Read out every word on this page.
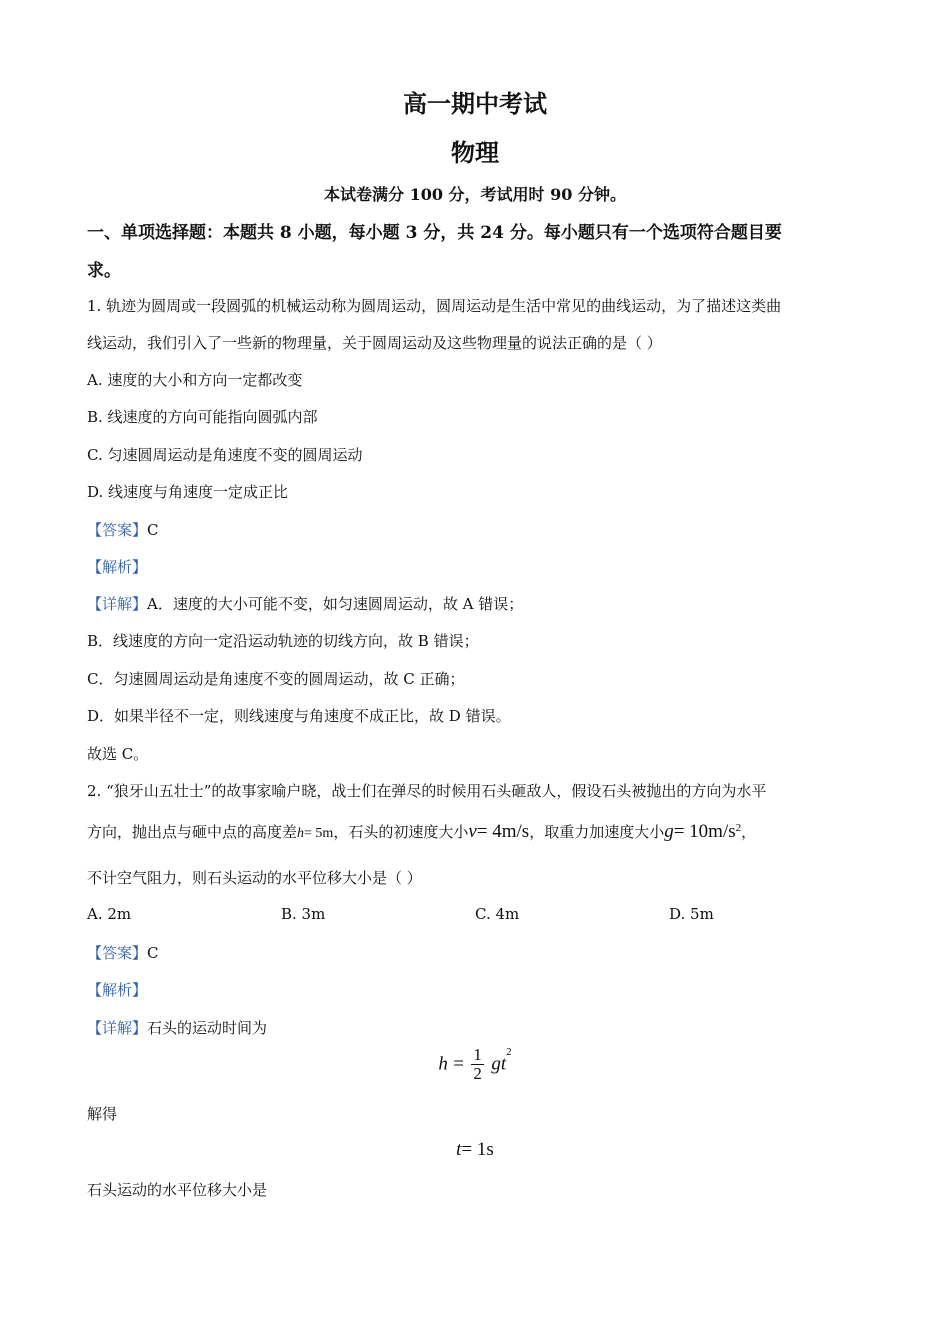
高一期中考试
物理
本试卷满分 100 分，考试用时 90 分钟。
一、单项选择题：本题共 8 小题，每小题 3 分，共 24 分。每小题只有一个选项符合题目要
求。
1. 轨迹为圆周或一段圆弧的机械运动称为圆周运动，圆周运动是生活中常见的曲线运动，为了描述这类曲
线运动，我们引入了一些新的物理量，关于圆周运动及这些物理量的说法正确的是（ ）
A. 速度的大小和方向一定都改变
B. 线速度的方向可能指向圆弧内部
C. 匀速圆周运动是角速度不变的圆周运动
D. 线速度与角速度一定成正比
【答案】C
【解析】
【详解】A．速度的大小可能不变，如匀速圆周运动，故 A 错误；
B．线速度的方向一定沿运动轨迹的切线方向，故 B 错误；
C．匀速圆周运动是角速度不变的圆周运动，故 C 正确；
D．如果半径不一定，则线速度与角速度不成正比，故 D 错误。
故选 C。
2. “狼牙山五壮士”的故事家喻户晓，战士们在弹尽的时候用石头砸敌人，假设石头被抛出的方向为水平
方向，抛出点与砸中点的高度差h= 5m，石头的初速度大小v= 4m/s，取重力加速度大小$g= 10m/s^2$，
不计空气阻力，则石头运动的水平位移大小是（ ）
A. 2m	B. 3m	C. 4m	D. 5m
【答案】C
【解析】
【详解】石头的运动时间为
$h = \frac{1}{2} gt^2$
解得
t= 1s
石头运动的水平位移大小是
